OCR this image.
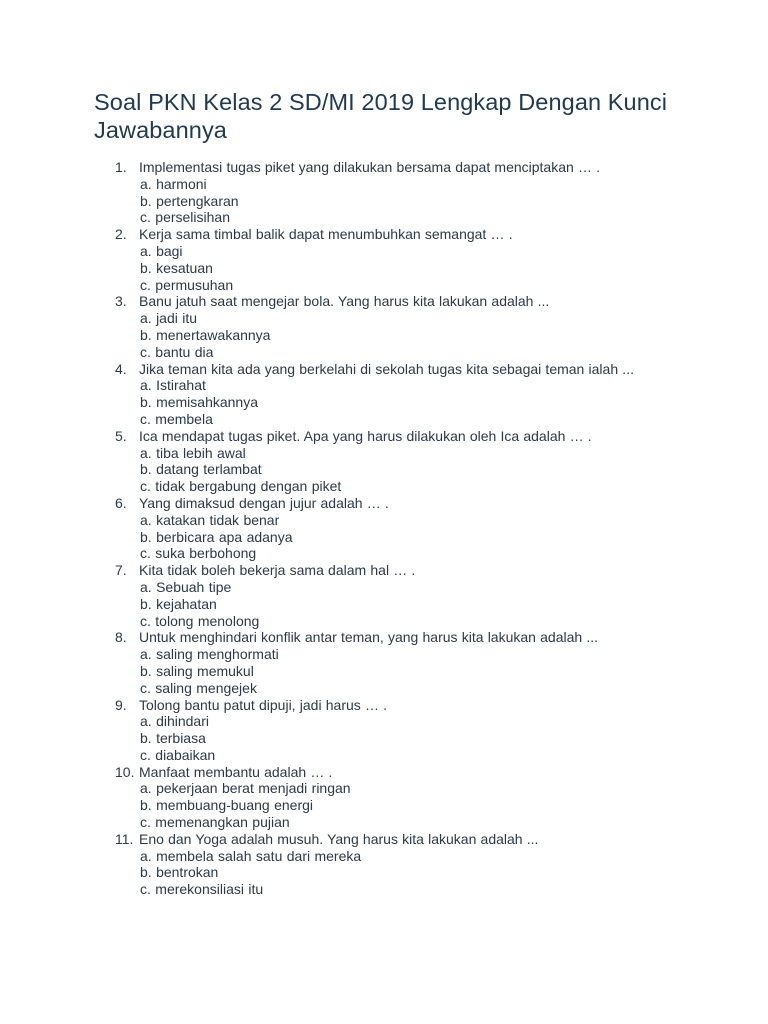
Soal PKN Kelas 2 SD/MI 2019 Lengkap Dengan Kunci Jawabannya
1. Implementasi tugas piket yang dilakukan bersama dapat menciptakan … .
a. harmoni
b. pertengkaran
c. perselisihan
2. Kerja sama timbal balik dapat menumbuhkan semangat … .
a. bagi
b. kesatuan
c. permusuhan
3. Banu jatuh saat mengejar bola. Yang harus kita lakukan adalah ...
a. jadi itu
b. menertawakannya
c. bantu dia
4. Jika teman kita ada yang berkelahi di sekolah tugas kita sebagai teman ialah ...
a. Istirahat
b. memisahkannya
c. membela
5. Ica mendapat tugas piket. Apa yang harus dilakukan oleh Ica adalah … .
a. tiba lebih awal
b. datang terlambat
c. tidak bergabung dengan piket
6. Yang dimaksud dengan jujur adalah … .
a. katakan tidak benar
b. berbicara apa adanya
c. suka berbohong
7. Kita tidak boleh bekerja sama dalam hal … .
a. Sebuah tipe
b. kejahatan
c. tolong menolong
8. Untuk menghindari konflik antar teman, yang harus kita lakukan adalah ...
a. saling menghormati
b. saling memukul
c. saling mengejek
9. Tolong bantu patut dipuji, jadi harus … .
a. dihindari
b. terbiasa
c. diabaikan
10. Manfaat membantu adalah … .
a. pekerjaan berat menjadi ringan
b. membuang-buang energi
c. memenangkan pujian
11. Eno dan Yoga adalah musuh. Yang harus kita lakukan adalah ...
a. membela salah satu dari mereka
b. bentrokan
c. merekonsiliasi itu
